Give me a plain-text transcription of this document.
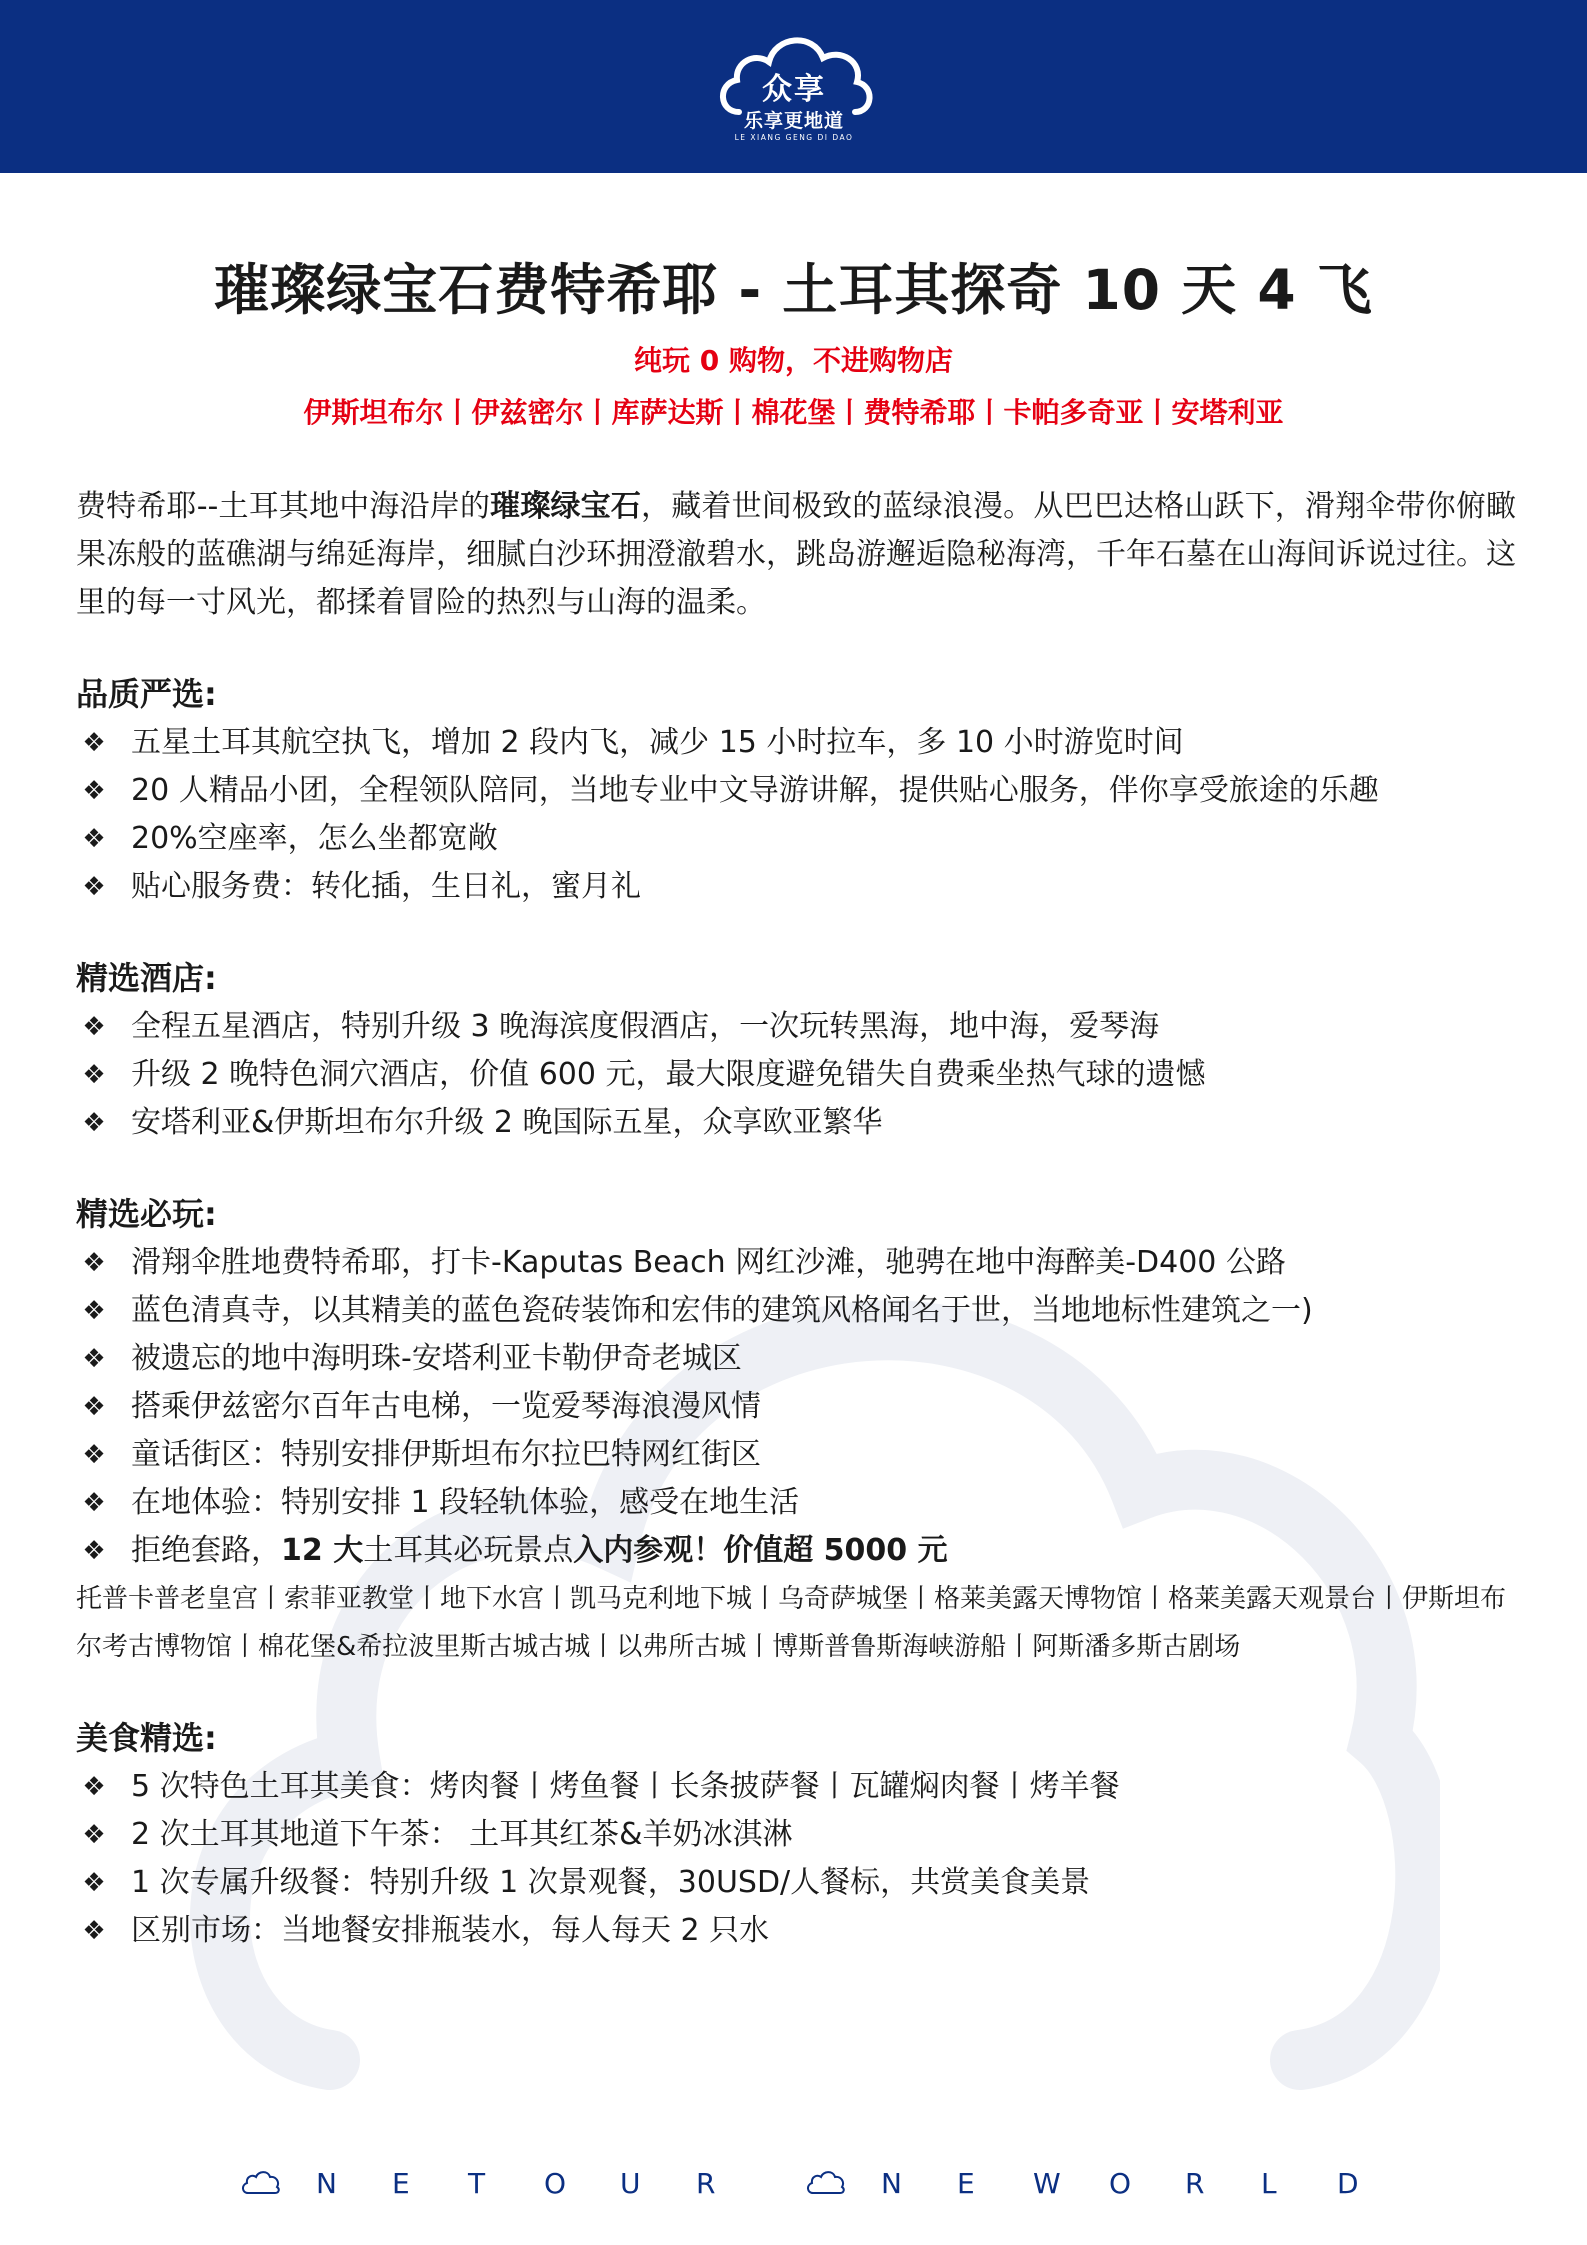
众享
乐享更地道
LE XIANG GENG DI DAO
璀璨绿宝石费特希耶 - 土耳其探奇 10 天 4 飞
纯玩 0 购物，不进购物店
伊斯坦布尔丨伊兹密尔丨库萨达斯丨棉花堡丨费特希耶丨卡帕多奇亚丨安塔利亚

费特希耶--土耳其地中海沿岸的璀璨绿宝石，藏着世间极致的蓝绿浪漫。从巴巴达格山跃下，滑翔伞带你俯瞰果冻般的蓝礁湖与绵延海岸，细腻白沙环拥澄澈碧水，跳岛游邂逅隐秘海湾，千年石墓在山海间诉说过往。这里的每一寸风光，都揉着冒险的热烈与山海的温柔。

品质严选:
❖ 五星土耳其航空执飞，增加 2 段内飞，减少 15 小时拉车，多 10 小时游览时间
❖ 20 人精品小团，全程领队陪同，当地专业中文导游讲解，提供贴心服务，伴你享受旅途的乐趣
❖ 20%空座率，怎么坐都宽敞
❖ 贴心服务费：转化插，生日礼，蜜月礼
精选酒店:
❖ 全程五星酒店，特别升级 3 晚海滨度假酒店，一次玩转黑海，地中海，爱琴海
❖ 升级 2 晚特色洞穴酒店，价值 600 元，最大限度避免错失自费乘坐热气球的遗憾
❖ 安塔利亚&伊斯坦布尔升级 2 晚国际五星，众享欧亚繁华
精选必玩:
❖ 滑翔伞胜地费特希耶，打卡-Kaputas Beach 网红沙滩，驰骋在地中海醉美-D400 公路
❖ 蓝色清真寺，以其精美的蓝色瓷砖装饰和宏伟的建筑风格闻名于世，当地地标性建筑之一)
❖ 被遗忘的地中海明珠-安塔利亚卡勒伊奇老城区
❖ 搭乘伊兹密尔百年古电梯，一览爱琴海浪漫风情
❖ 童话街区：特别安排伊斯坦布尔拉巴特网红街区
❖ 在地体验：特别安排 1 段轻轨体验，感受在地生活
❖ 拒绝套路，12 大土耳其必玩景点入内参观！价值超 5000 元

托普卡普老皇宫丨索菲亚教堂丨地下水宫丨凯马克利地下城丨乌奇萨城堡丨格莱美露天博物馆丨格莱美露天观景台丨伊斯坦布尔考古博物馆丨棉花堡&希拉波里斯古城古城丨以弗所古城丨博斯普鲁斯海峡游船丨阿斯潘多斯古剧场

美食精选:
❖ 5 次特色土耳其美食：烤肉餐丨烤鱼餐丨长条披萨餐丨瓦罐焖肉餐丨烤羊餐
❖ 2 次土耳其地道下午茶： 土耳其红茶&羊奶冰淇淋
❖ 1 次专属升级餐：特别升级 1 次景观餐，30USD/人餐标，共赏美食美景
❖ 区别市场：当地餐安排瓶装水，每人每天 2 只水
N	E	T	O	U	R	N	E	W	O	R	L	D
